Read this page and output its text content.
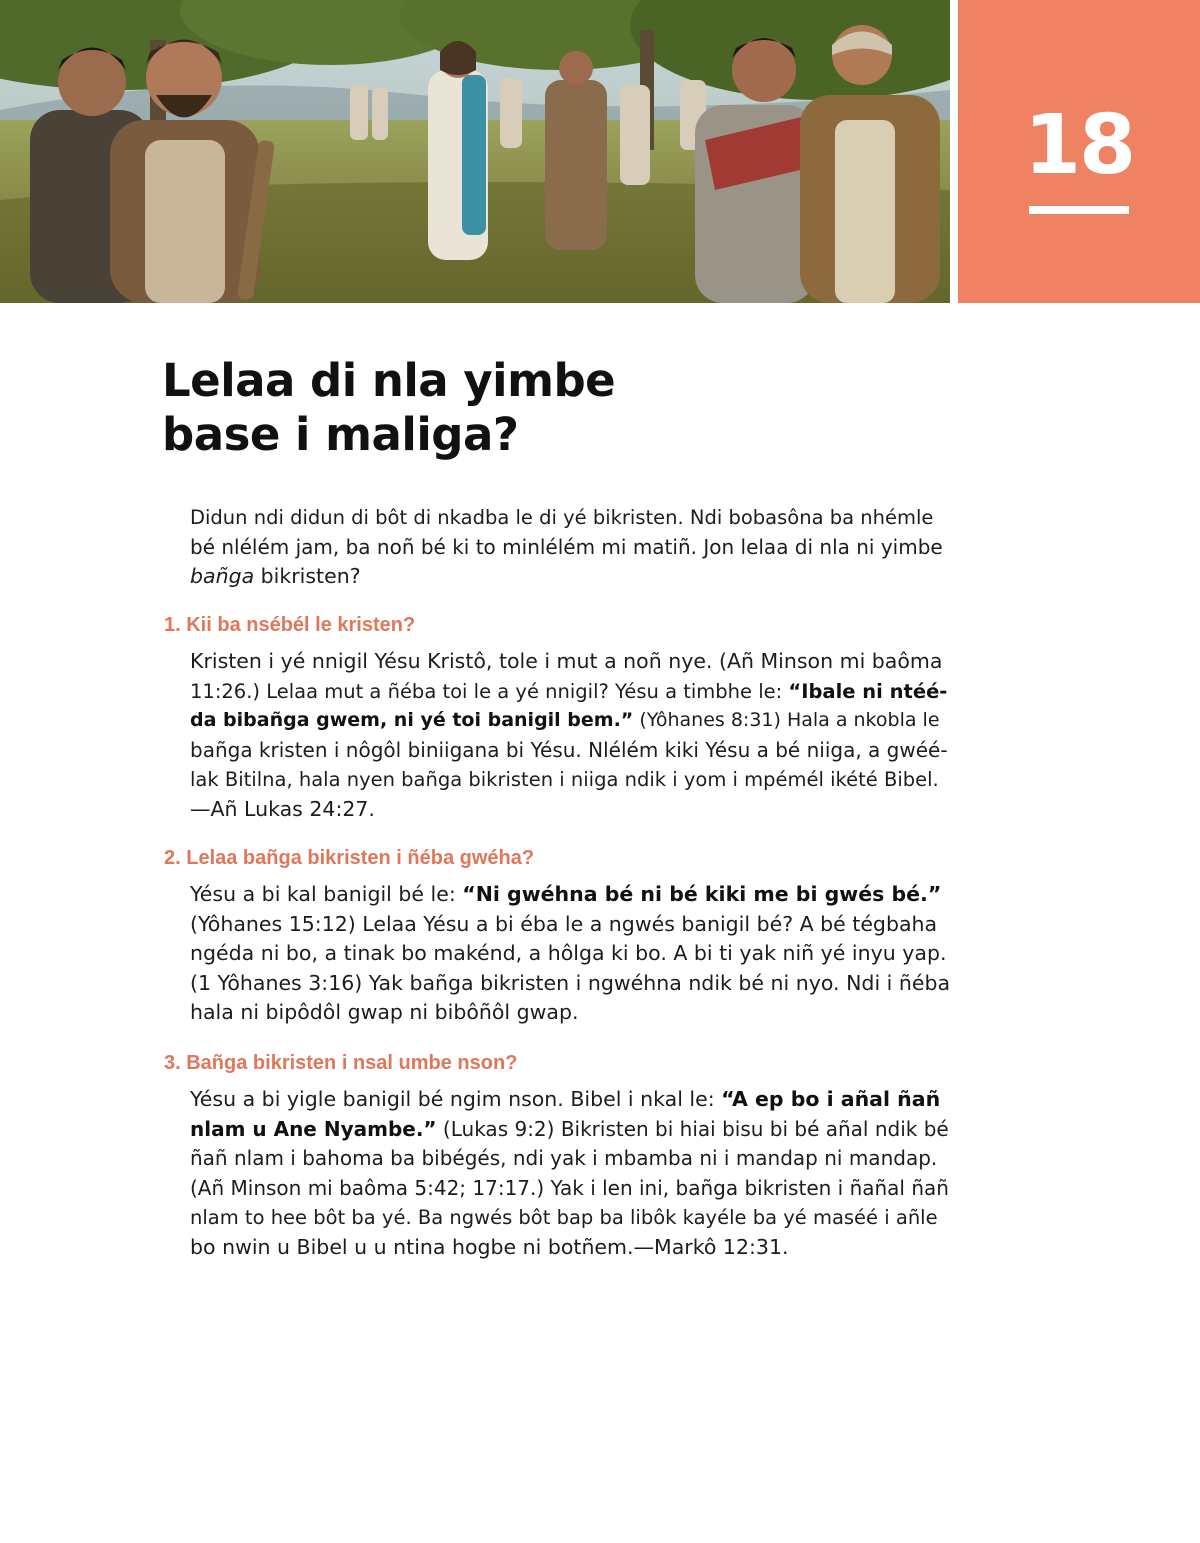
18
Lelaa di nla yimbe
base i maliga?

Didun ndi didun di bôt di nkadba le di yé bikristen. Ndi bobasôna ba nhémle
bé nlélém jam, ba noñ bé ki to minlélém mi matiñ. Jon lelaa di nla ni yimbe
bañga bikristen?

1. Kii ba nsébél le kristen?

Kristen i yé nnigil Yésu Kristô, tole i mut a noñ nye. (Añ Minson mi baôma
11:26.) Lelaa mut a ñéba toi le a yé nnigil? Yésu a timbhe le: “Ibale ni ntéé-
da bibañga gwem, ni yé toi banigil bem.” (Yôhanes 8:31) Hala a nkobla le
bañga kristen i nôgôl biniigana bi Yésu. Nlélém kiki Yésu a bé niiga, a gwéé-
lak Bitilna, hala nyen bañga bikristen i niiga ndik i yom i mpémél ikété Bibel.
—Añ Lukas 24:27.

2. Lelaa bañga bikristen i ñéba gwéha?

Yésu a bi kal banigil bé le: “Ni gwéhna bé ni bé kiki me bi gwés bé.”
(Yôhanes 15:12) Lelaa Yésu a bi éba le a ngwés banigil bé? A bé tégbaha
ngéda ni bo, a tinak bo makénd, a hôlga ki bo. A bi ti yak niñ yé inyu yap.
(1 Yôhanes 3:16) Yak bañga bikristen i ngwéhna ndik bé ni nyo. Ndi i ñéba
hala ni bipôdôl gwap ni bibôñôl gwap.

3. Bañga bikristen i nsal umbe nson?

Yésu a bi yigle banigil bé ngim nson. Bibel i nkal le: “A ep bo i añal ñañ
nlam u Ane Nyambe.” (Lukas 9:2) Bikristen bi hiai bisu bi bé añal ndik bé
ñañ nlam i bahoma ba bibégés, ndi yak i mbamba ni i mandap ni mandap.
(Añ Minson mi baôma 5:42; 17:17.) Yak i len ini, bañga bikristen i ñañal ñañ
nlam to hee bôt ba yé. Ba ngwés bôt bap ba libôk kayéle ba yé maséé i añle
bo nwin u Bibel u u ntina hogbe ni botñem.—Markô 12:31.
